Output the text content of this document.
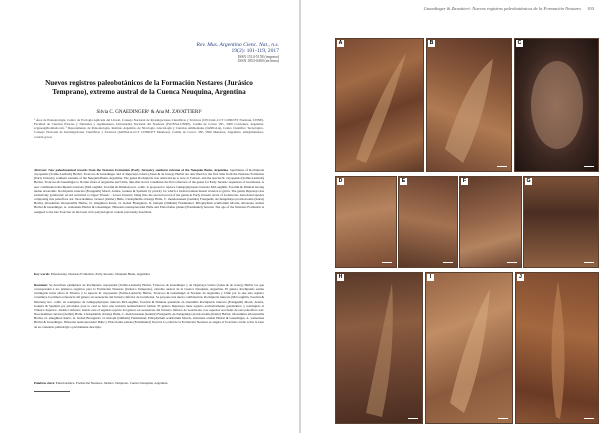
Rev. Mus. Argentino Cienc. Nat., n.s.
19(2): 101-119, 2017
ISSN 1514-5158 (impresa)
ISSN 1853-0400 (en línea)
Nuevos registros paleobotánicos de la Formación Nestares (Jurásico Temprano), extremo austral de la Cuenca Neuquina, Argentina
Silvia C. GNAEDINGER¹ & Ana M. ZAVATTIERI²
¹ Área de Paleontología, Centro de Ecología Aplicada del Litoral, Consejo Nacional de Investigaciones Científicas y Técnicas (CECOAL-CCT CONICET Nordeste, UNNE). Facultad de Ciencias Exactas y Naturales y Agrimensura, Universidad Nacional del Nordeste (FaCENA-UNNE). Casilla de Correo 291, 3400 Corrientes, Argentina. scgnaed@hotmail.com. ² Departamento de Paleontología, Instituto Argentino de Nivología, Glaciología y Ciencias Ambientales (IANIGLA), Centro Científico Tecnológico, Consejo Nacional de Investigaciones Científicas y Técnicas (IANIGLA-CCT CONICET Mendoza). Casilla de Correo 330, 5500 Mendoza, Argentina. amz@mendoza-conicet.gov.ar
Abstract: New paleobotanical records from the Nestares Formation (Early Jurassic), southern extreme of the Neuquén Basin, Argentina. Specimens of Rochipteris cuyopensis (Solms-Laubach) Herbst, Troncoso & Gnaedinger and of Dejerseya lobata (Jones & de Jersey) Herbst are described for the first time from the Nestares Formation (Early Jurassic), southern extreme of the Neuquén Basin, Argentina. The genus Rochipteris was restricted up to now to Triassic, and the species R. cuyopensis (Solms-Laubach) Herbst, Troncoso & Gnaedinger to Norian strata of Argentina and Chile, thus this record constitutes the first reference of the genus for Early Jurassic sequences of Gondwana. A new combination Rochipteris truncata (McLoughlin, Tosolini & Drinnan) nov. comb. is proposed to replace Ginkgophytopsis truncata McLoughlin, Tosolini & Drinnan having undue taxonomic. Rochipteris truncata (Frenguelli) Morel, Artabe, Ganuza & Spalletti by priority for which a formal nomenclatural revision is given. The genus Dejerseya has exclusively gondwanic record restricted to Upper Triassic - Lower Jurassic; being this, the second record of the genus in Early Jurassic strata of Gondwana. Associated species composing this paleoflora are: Neocalamites carrerei (Zeiller) Halle, Cladophlebis oblonga Halle, C. mendozaensis (Geinitz) Frenguelli, Archangelskya protoloxsoma (Kurtz) Herbst, Otozamites albosaxatilis Herbst, O. ameghinoi Kurtz, O. bechei Brongniart, O. hislopii (Oldham) Feistmantel, Ptilophyllum acutifolium Morris, Alicurana artabei Herbst & Gnaedinger, A. watteensis Herbst & Gnaedinger, Nilssonia taeniopteroides Halle and Elatocladus planus (Feistmantel) Seward. The age of the Nestares Formation is assigned to the late Toarcian on the basis of its palynological content previously described.
Key words: Paleobotany, Nestares Formation, Early Jurassic, Neuquén Basin, Argentina.
Resumen: Se describen ejemplares de Rochipteris cuyopensis (Solms-Laubach) Herbst, Troncoso & Gnaedinger y de Dejerseya lobata (Jones & de Jersey) Herbst los que corresponden a los primeros registros para la Formación Nestares (Jurásico Temprano), extremo austral de la Cuenca Neuquina, Argentina. El género Rochipteris estaba restringido hasta ahora al Triásico y la especie R. cuyopensis (Solms-Laubach) Herbst, Troncoso & Gnaedinger al Noriano de Argentina y Chile por lo que este registro constituye la primera referencia del género en secuencias del Jurásico Inferior de Gondwana. Se propone una nueva combinación, Rochipteris truncata (McLoughlin, Tosolini & Drinnan) nov. comb. en reemplazo de Ginkgophytopsis truncata McLoughlin, Tosolini & Drinnan quedando en sinonimia Rochipteris truncata (Frenguelli) Morel, Artabe, Ganuza & Spalletti por prioridad, para lo cual se hace una revisión nomenclatural formal. El género Dejerseya tiene registro exclusivamente gondwánico y restringido al Triásico Superior -Jurásico Inferior, siendo este el segundo reporte del género en secuencias del Jurásico Inferior de Gondwana. Las especies asociadas de esta paleoflora son: Neocalamites carrerei (Zeiller) Halle, Cladophlebis oblonga Halle, C. mendozaensis (Geinitz) Frenguelli, Archangelskya protoloxsoma (Kurtz) Herbst, Otozamites albosaxatilis Herbst, O. ameghinoi Kurtz, O. bechei Brongniart, O. hislopii (Oldham) Feistmantel, Ptilophyllum acutifolium Morris, Alicurana artabei Herbst & Gnaedinger, A. watteensis Herbst & Gnaedinger, Nilssonia taeniopteroides Halle y Elatocladus planus (Feistmantel) Seward. La edad de la Formación Nestares se asigna al Toarciano tardío sobre la base de su contenido palinológico previamente descripto.
Palabras clave: Paleobotánica, Formación Nestares, Jurásico Temprano, Cuenca Neuquina, Argentina.
Gnaedinger & Zavattieri: Nuevos registros paleobotánicos de la Formación Nestares 103
A	B	C
D	E	F	G
H	I	J
